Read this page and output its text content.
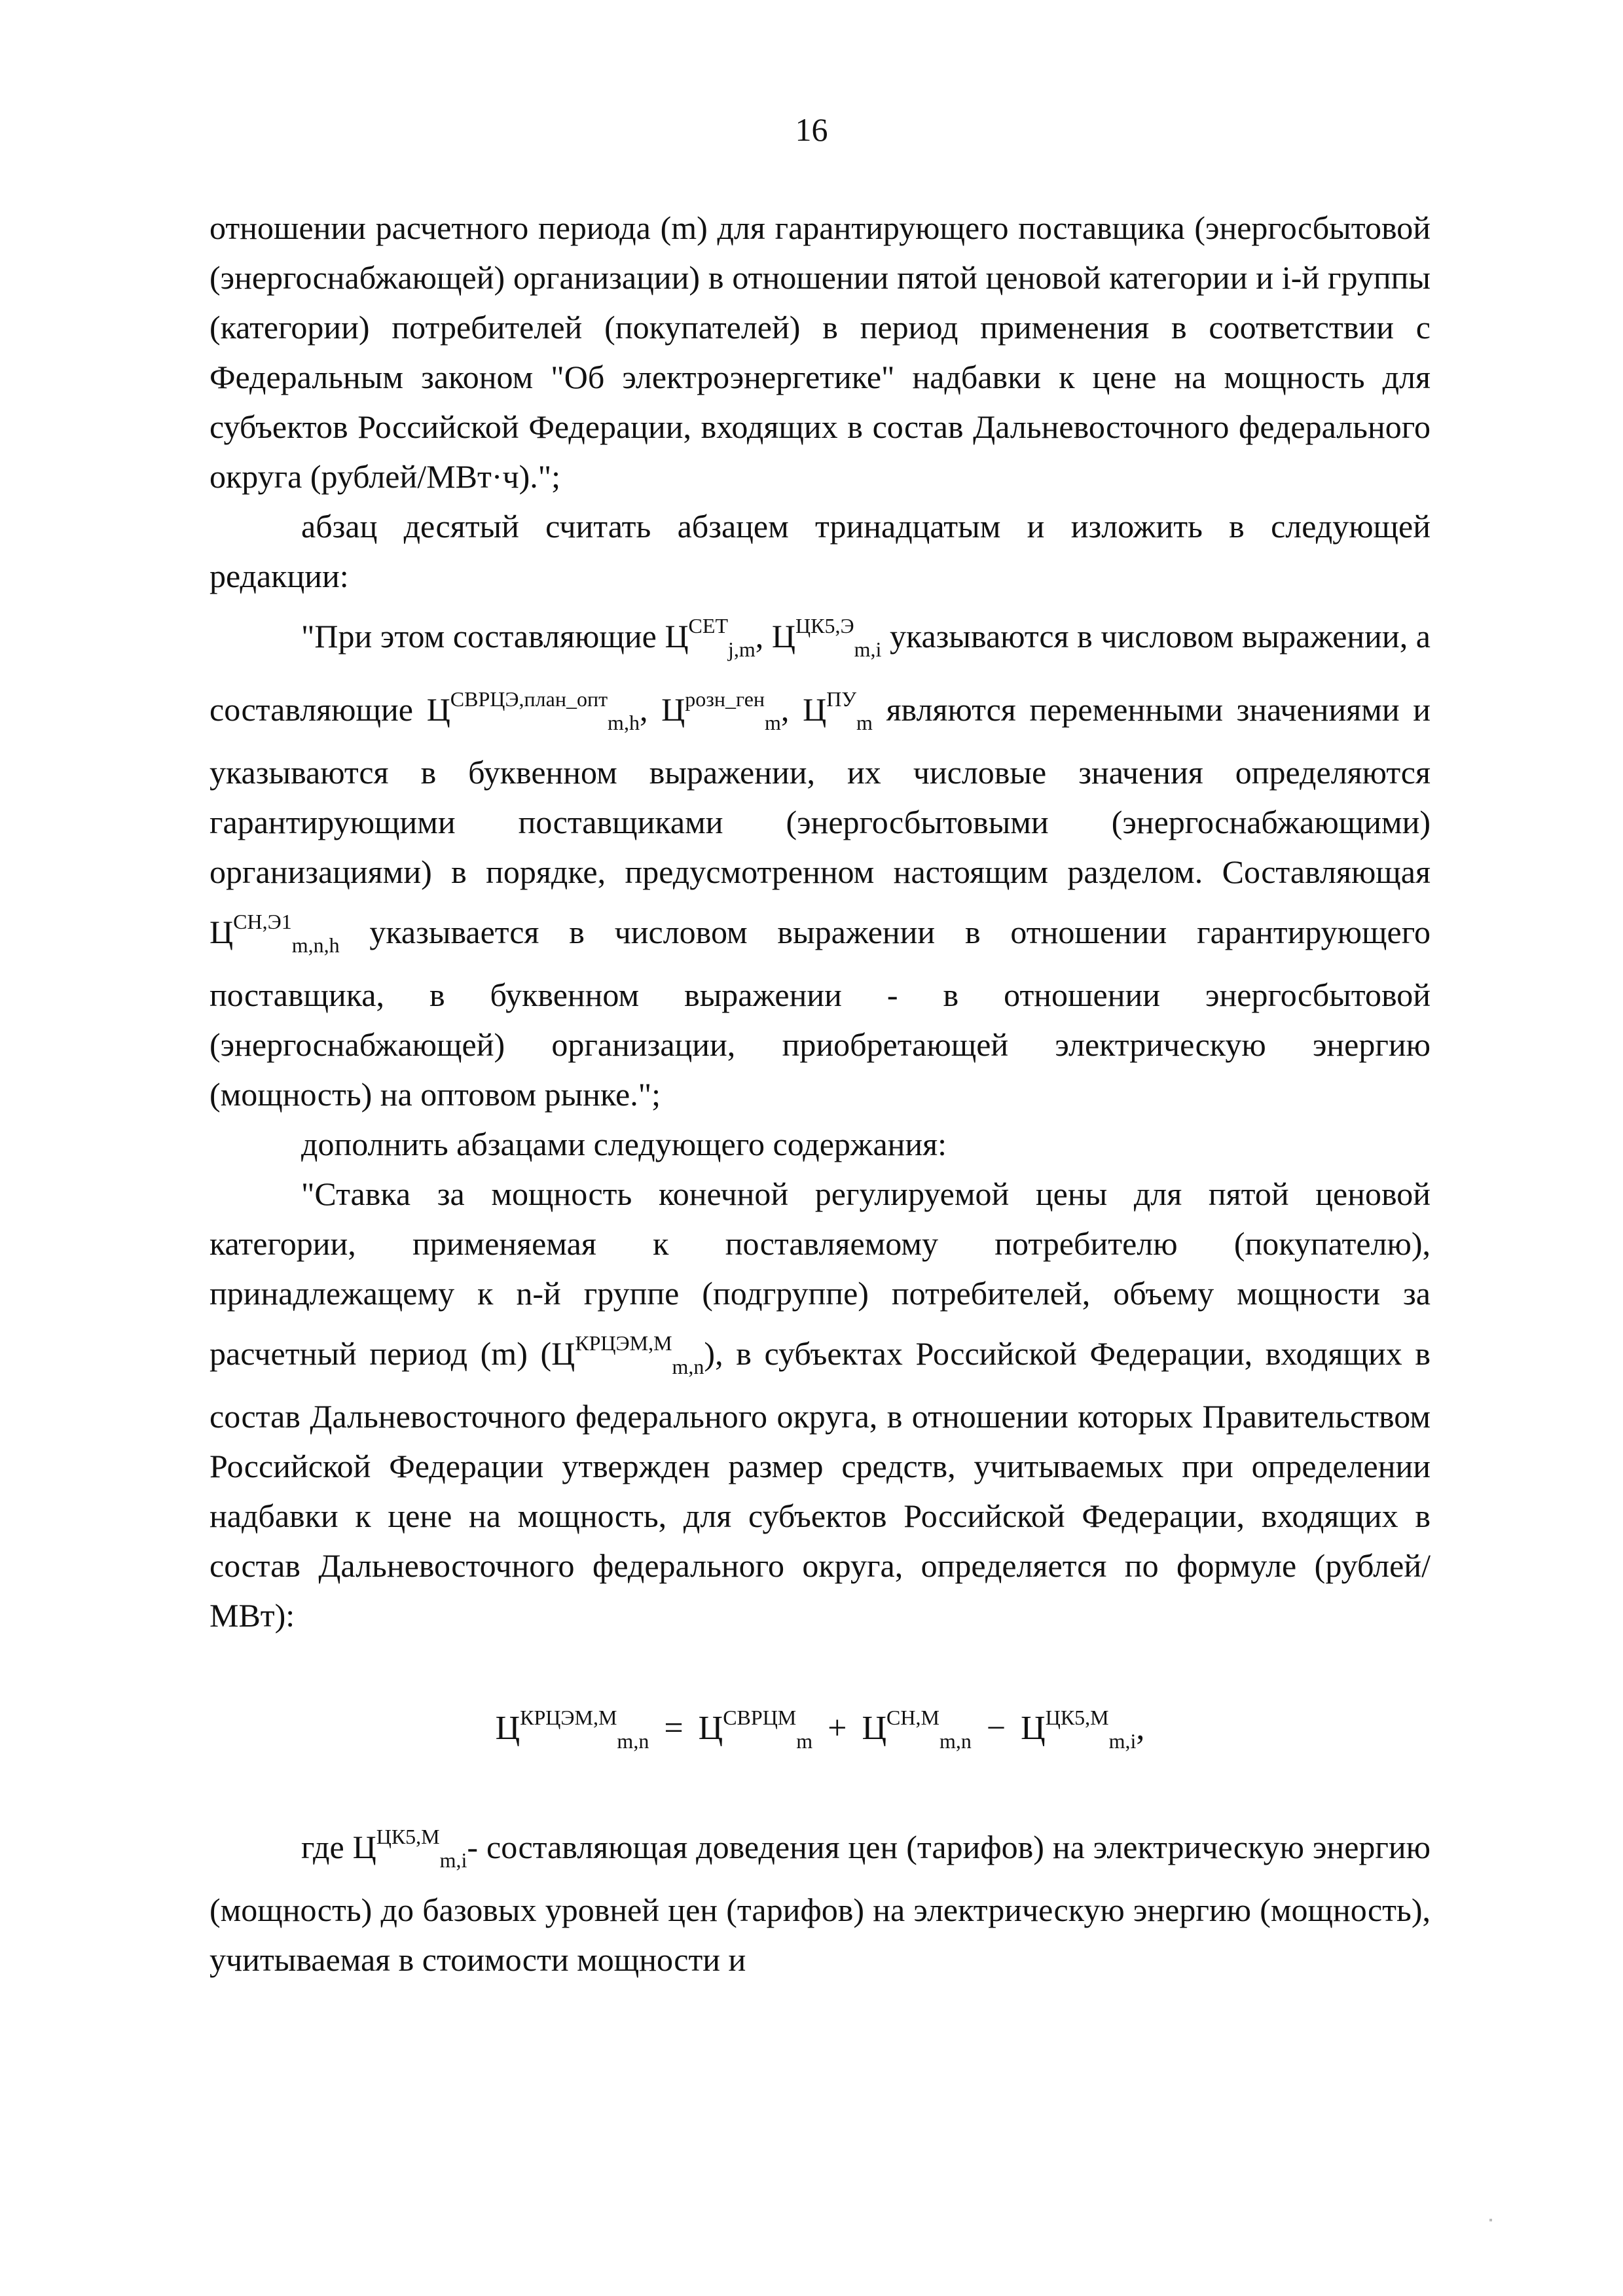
16

отношении расчетного периода (m) для гарантирующего поставщика (энергосбытовой (энергоснабжающей) организации) в отношении пятой ценовой категории и i-й группы (категории) потребителей (покупателей) в период применения в соответствии с Федеральным законом "Об электроэнергетике" надбавки к цене на мощность для субъектов Российской Федерации, входящих в состав Дальневосточного федерального округа (рублей/МВт·ч).";

абзац десятый считать абзацем тринадцатым и изложить в следующей редакции:

"При этом составляющие $Ц^{СЕТ}_{j,m}$, $Ц^{ЦК5,Э}_{m,i}$ указываются в числовом выражении, а составляющие $Ц^{СВРЦЭ,план\_опт}_{m,h}$, $Ц^{розн\_ген}_m$, $Ц^{ПУ}_m$ являются переменными значениями и указываются в буквенном выражении, их числовые значения определяются гарантирующими поставщиками (энергосбытовыми (энергоснабжающими) организациями) в порядке, предусмотренном настоящим разделом. Составляющая $Ц^{СН,Э1}_{m,n,h}$ указывается в числовом выражении в отношении гарантирующего поставщика, в буквенном выражении - в отношении энергосбытовой (энергоснабжающей) организации, приобретающей электрическую энергию (мощность) на оптовом рынке.";

дополнить абзацами следующего содержания:

"Ставка за мощность конечной регулируемой цены для пятой ценовой категории, применяемая к поставляемому потребителю (покупателю), принадлежащему к n-й группе (подгруппе) потребителей, объему мощности за расчетный период (m) $(Ц^{КРЦЭМ,М}_{m,n})$, в субъектах Российской Федерации, входящих в состав Дальневосточного федерального округа, в отношении которых Правительством Российской Федерации утвержден размер средств, учитываемых при определении надбавки к цене на мощность, для субъектов Российской Федерации, входящих в состав Дальневосточного федерального округа, определяется по формуле (рублей/МВт):

$Ц^{КРЦЭМ,М}_{m,n} = Ц^{СВРЦМ}_m + Ц^{СН,М}_{m,n} - Ц^{ЦК5,М}_{m,i}$,

где $Ц^{ЦК5,М}_{m,i}-$ составляющая доведения цен (тарифов) на электрическую энергию (мощность) до базовых уровней цен (тарифов) на электрическую энергию (мощность), учитываемая в стоимости мощности и
